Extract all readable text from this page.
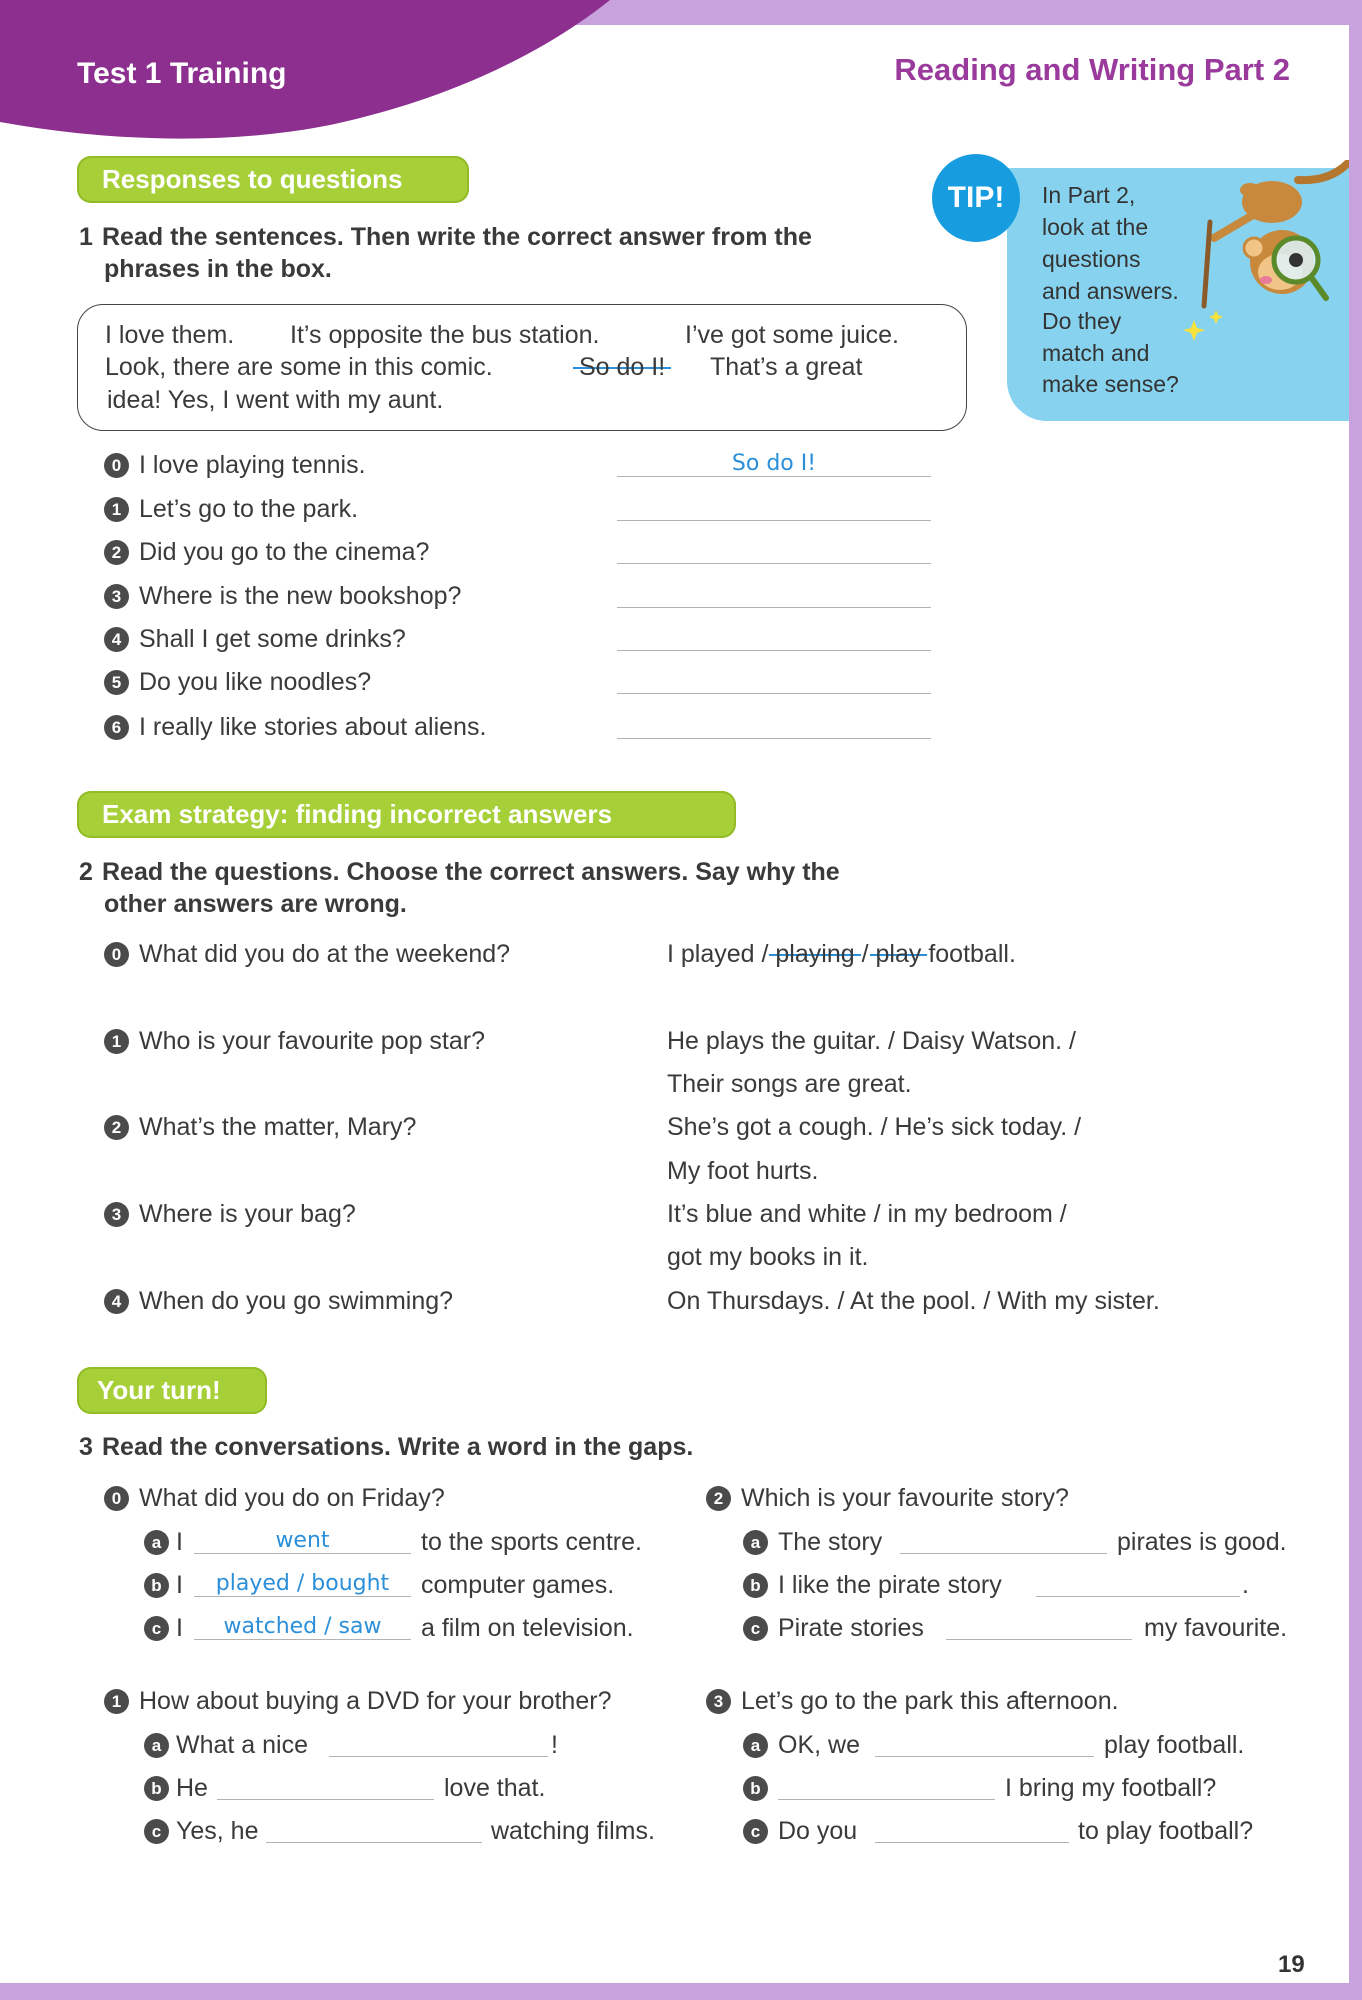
Test 1 Training	Reading and Writing Part 2
TIP!	In Part 2,
look at the
questions
and answers.
Do they
match and
make sense?
Responses to questions
1 Read the sentences. Then write the correct answer from the
phrases in the box.
I love them. It’s opposite the bus station.	I’ve got some juice.
Look, there are some in this comic.	So do I! That’s a great
idea! Yes, I went with my aunt.
0 I love playing tennis.	So do I!
1 Let’s go to the park.
2 Did you go to the cinema?
3 Where is the new bookshop?
4 Shall I get some drinks?
5 Do you like noodles?
6 I really like stories about aliens.
Exam strategy: finding incorrect answers
2 Read the questions. Choose the correct answers. Say why the
other answers are wrong.
0 What did you do at the weekend?	I played / playing / play football.
1 Who is your favourite pop star?	He plays the guitar. / Daisy Watson. /
Their songs are great.
2 What’s the matter, Mary?	She’s got a cough. / He’s sick today. /
My foot hurts.
3 Where is your bag?	It’s blue and white / in my bedroom /
got my books in it.
4 When do you go swimming?	On Thursdays. / At the pool. / With my sister.
Your turn!
3 Read the conversations. Write a word in the gaps.
0 What did you do on Friday?
a I	went	to the sports centre.
b I	played / bought	computer games.
c I	watched / saw	a film on television.
1 How about buying a DVD for your brother?
a What a nice	!
b He	love that.
c Yes, he	watching films.
2 Which is your favourite story?
a The story	pirates is good.
b I like the pirate story	.
c Pirate stories	my favourite.
3 Let’s go to the park this afternoon.
a OK, we	play football.
b	I bring my football?
c Do you	to play football?
19
